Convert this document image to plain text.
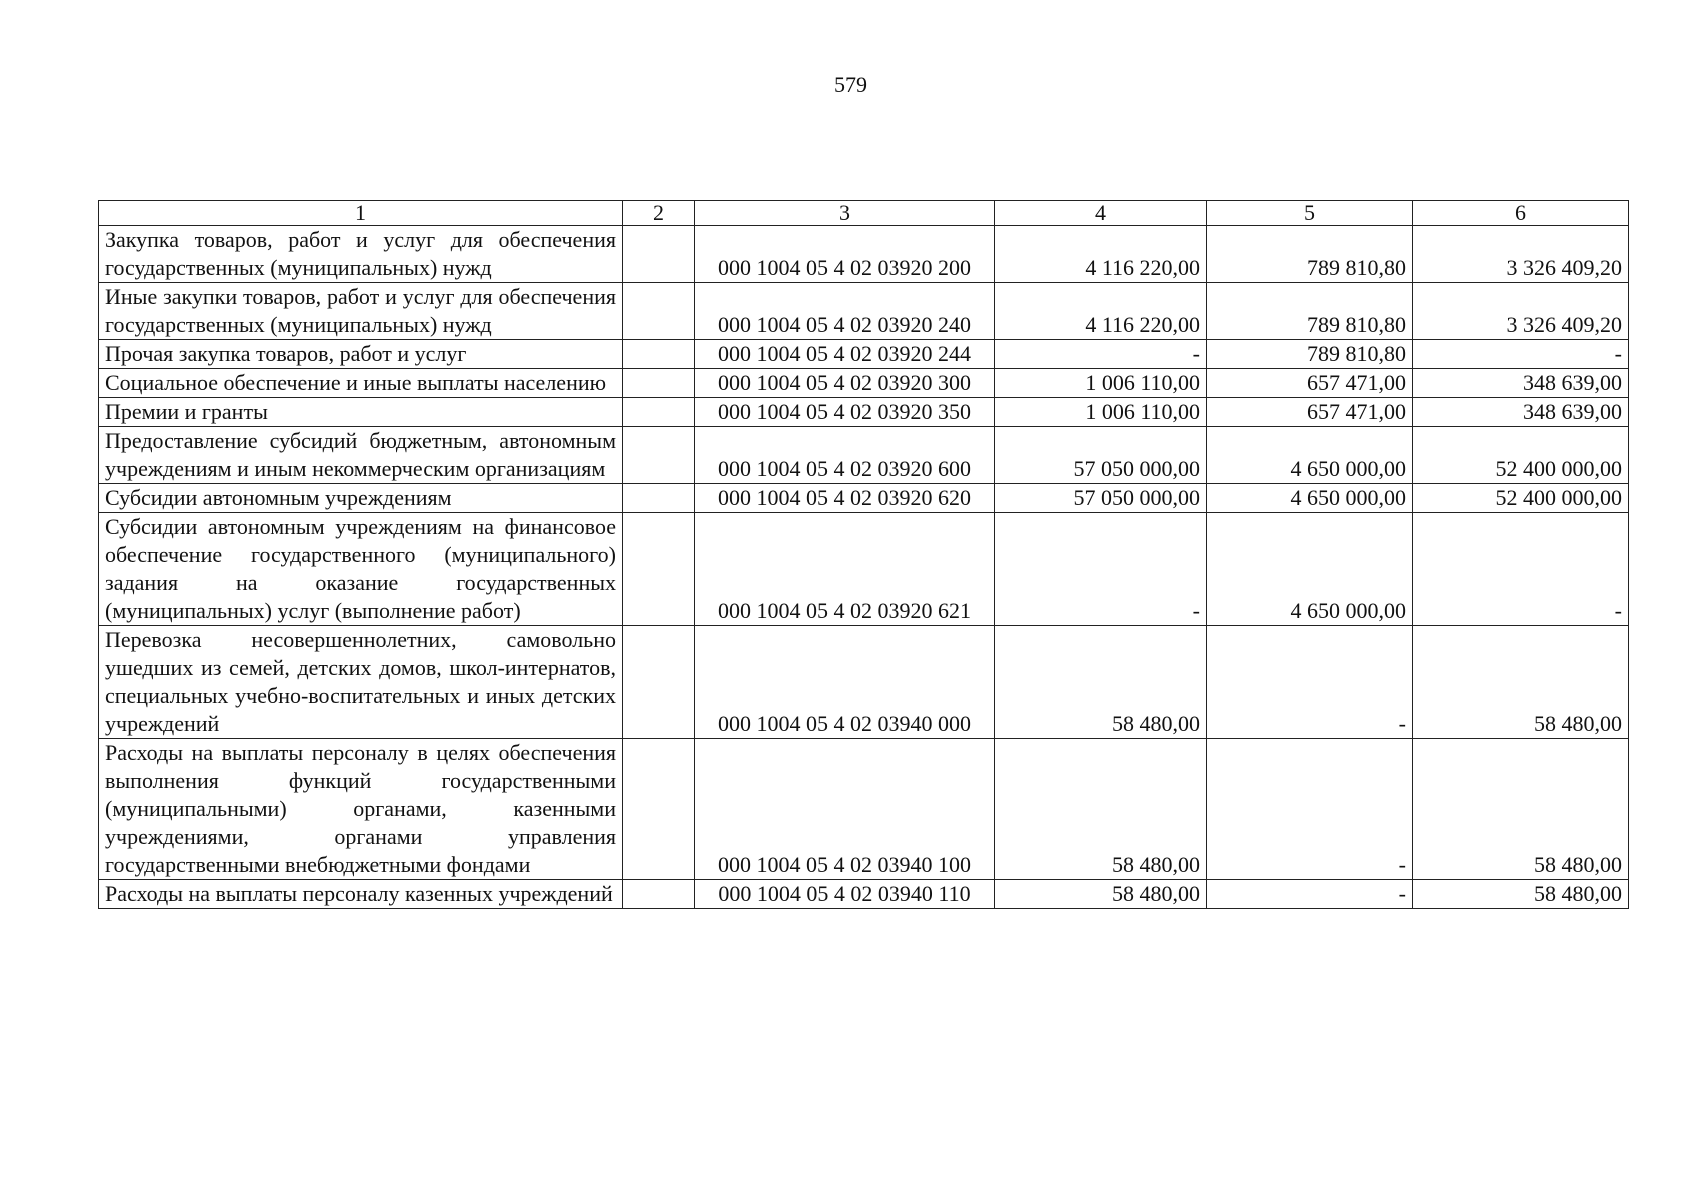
579
1	2	3	4	5	6
Закупка товаров, работ и услуг для обеспечения государственных (муниципальных) нужд		000 1004 05 4 02 03920 200	4 116 220,00	789 810,80	3 326 409,20
Иные закупки товаров, работ и услуг для обеспечения государственных (муниципальных) нужд		000 1004 05 4 02 03920 240	4 116 220,00	789 810,80	3 326 409,20
Прочая закупка товаров, работ и услуг		000 1004 05 4 02 03920 244	-	789 810,80	-
Социальное обеспечение и иные выплаты населению		000 1004 05 4 02 03920 300	1 006 110,00	657 471,00	348 639,00
Премии и гранты		000 1004 05 4 02 03920 350	1 006 110,00	657 471,00	348 639,00
Предоставление субсидий бюджетным, автономным учреждениям и иным некоммерческим организациям		000 1004 05 4 02 03920 600	57 050 000,00	4 650 000,00	52 400 000,00
Субсидии автономным учреждениям		000 1004 05 4 02 03920 620	57 050 000,00	4 650 000,00	52 400 000,00
Субсидии автономным учреждениям на финансовое обеспечение государственного (муниципального) задания на оказание государственных (муниципальных) услуг (выполнение работ)		000 1004 05 4 02 03920 621	-	4 650 000,00	-
Перевозка несовершеннолетних, самовольно ушедших из семей, детских домов, школ-интернатов, специальных учебно-воспитательных и иных детских учреждений		000 1004 05 4 02 03940 000	58 480,00	-	58 480,00
Расходы на выплаты персоналу в целях обеспечения выполнения функций государственными (муниципальными) органами, казенными учреждениями, органами управления государственными внебюджетными фондами		000 1004 05 4 02 03940 100	58 480,00	-	58 480,00
Расходы на выплаты персоналу казенных учреждений		000 1004 05 4 02 03940 110	58 480,00	-	58 480,00
